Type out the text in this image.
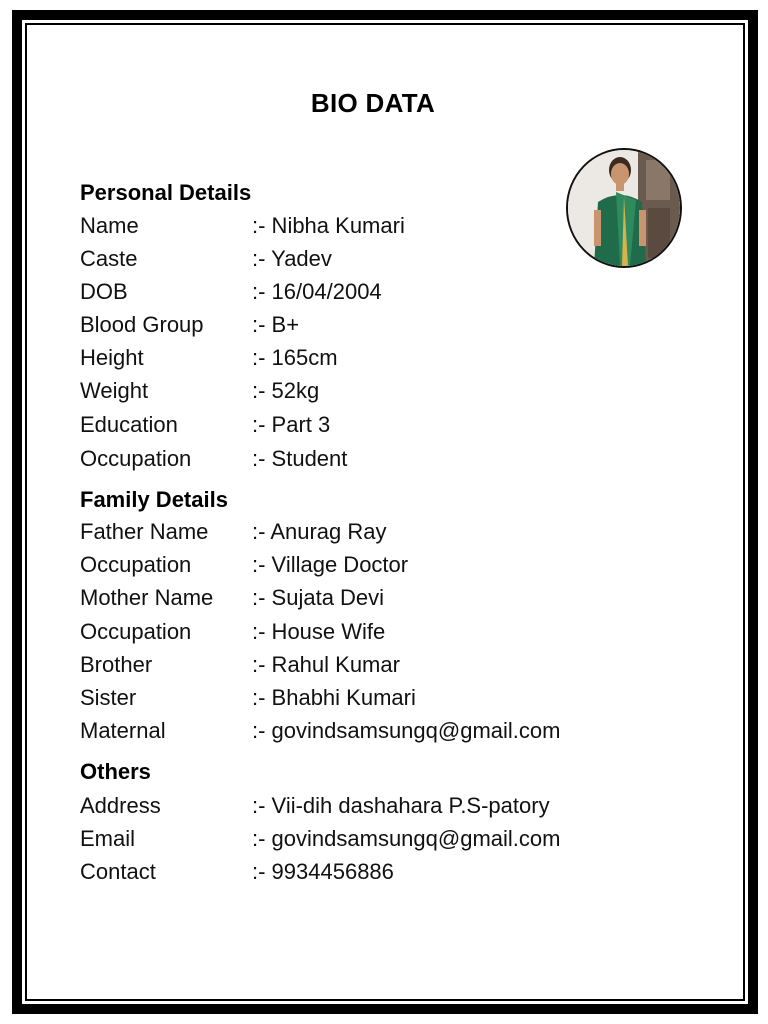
BIO DATA
Personal Details
Name	:- Nibha Kumari
Caste	:- Yadev
DOB	:- 16/04/2004
Blood Group :- B+
Height	:- 165cm
Weight	:- 52kg
Education	:- Part 3
Occupation	:- Student
Family Details
Father Name :- Anurag Ray
Occupation	:- Village Doctor
Mother Name :- Sujata Devi
Occupation	:- House Wife
Brother	:- Rahul Kumar
Sister	:- Bhabhi Kumari
Maternal	:- govindsamsungq@gmail.com
Others
Address	:- Vii-dih dashahara P.S-patory
Email	:- govindsamsungq@gmail.com
Contact	:- 9934456886
